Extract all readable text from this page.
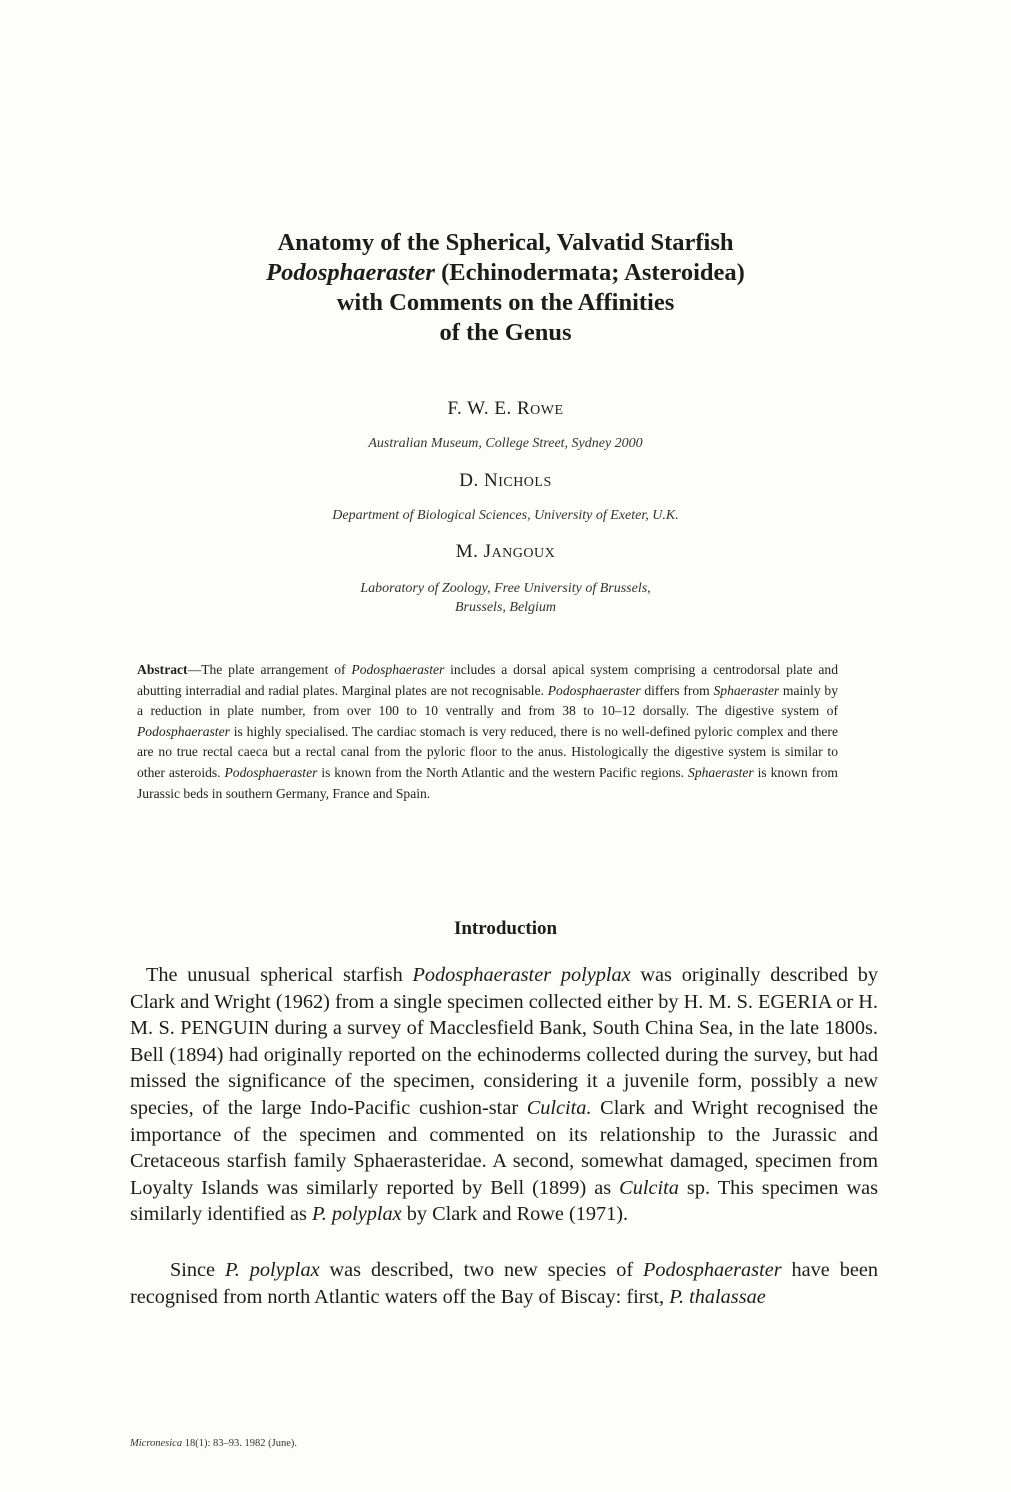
Anatomy of the Spherical, Valvatid Starfish
Podosphaeraster (Echinodermata; Asteroidea)
with Comments on the Affinities
of the Genus
F. W. E. ROWE
Australian Museum, College Street, Sydney 2000
D. NICHOLS
Department of Biological Sciences, University of Exeter, U.K.
M. JANGOUX
Laboratory of Zoology, Free University of Brussels,
Brussels, Belgium
Abstract—The plate arrangement of Podosphaeraster includes a dorsal apical system comprising a centrodorsal plate and abutting interradial and radial plates. Marginal plates are not recognisable. Podosphaeraster differs from Sphaeraster mainly by a reduction in plate number, from over 100 to 10 ventrally and from 38 to 10–12 dorsally. The digestive system of Podosphaeraster is highly specialised. The cardiac stomach is very reduced, there is no well-defined pyloric complex and there are no true rectal caeca but a rectal canal from the pyloric floor to the anus. Histologically the digestive system is similar to other asteroids. Podosphaeraster is known from the North Atlantic and the western Pacific regions. Sphaeraster is known from Jurassic beds in southern Germany, France and Spain.
Introduction
The unusual spherical starfish Podosphaeraster polyplax was originally described by Clark and Wright (1962) from a single specimen collected either by H. M. S. EGERIA or H. M. S. PENGUIN during a survey of Macclesfield Bank, South China Sea, in the late 1800s. Bell (1894) had originally reported on the echinoderms collected during the survey, but had missed the significance of the specimen, considering it a juvenile form, possibly a new species, of the large Indo-Pacific cushion-star Culcita. Clark and Wright recognised the importance of the specimen and commented on its relationship to the Jurassic and Cretaceous starfish family Sphaerasteridae. A second, somewhat damaged, specimen from Loyalty Islands was similarly reported by Bell (1899) as Culcita sp. This specimen was similarly identified as P. polyplax by Clark and Rowe (1971).
Since P. polyplax was described, two new species of Podosphaeraster have been recognised from north Atlantic waters off the Bay of Biscay: first, P. thalassae
Micronesica 18(1): 83–93. 1982 (June).
